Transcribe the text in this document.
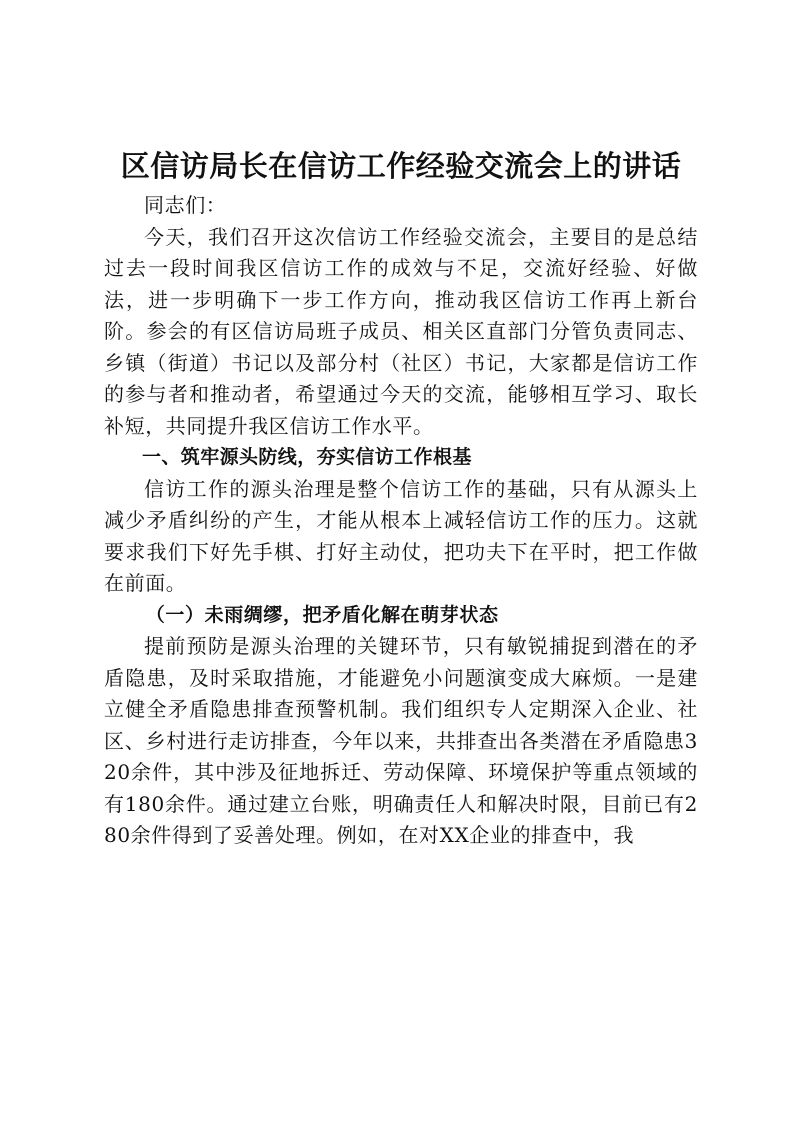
区信访局长在信访工作经验交流会上的讲话

同志们：

今天，我们召开这次信访工作经验交流会，主要目的是总结过去一段时间我区信访工作的成效与不足，交流好经验、好做法，进一步明确下一步工作方向，推动我区信访工作再上新台阶。参会的有区信访局班子成员、相关区直部门分管负责同志、乡镇（街道）书记以及部分村（社区）书记，大家都是信访工作的参与者和推动者，希望通过今天的交流，能够相互学习、取长补短，共同提升我区信访工作水平。

一、筑牢源头防线，夯实信访工作根基

信访工作的源头治理是整个信访工作的基础，只有从源头上减少矛盾纠纷的产生，才能从根本上减轻信访工作的压力。这就要求我们下好先手棋、打好主动仗，把功夫下在平时，把工作做在前面。

（一）未雨绸缪，把矛盾化解在萌芽状态

提前预防是源头治理的关键环节，只有敏锐捕捉到潜在的矛盾隐患，及时采取措施，才能避免小问题演变成大麻烦。一是建立健全矛盾隐患排查预警机制。我们组织专人定期深入企业、社区、乡村进行走访排查，今年以来，共排查出各类潜在矛盾隐患320余件，其中涉及征地拆迁、劳动保障、环境保护等重点领域的有180余件。通过建立台账，明确责任人和解决时限，目前已有280余件得到了妥善处理。例如，在对XX企业的排查中，我
